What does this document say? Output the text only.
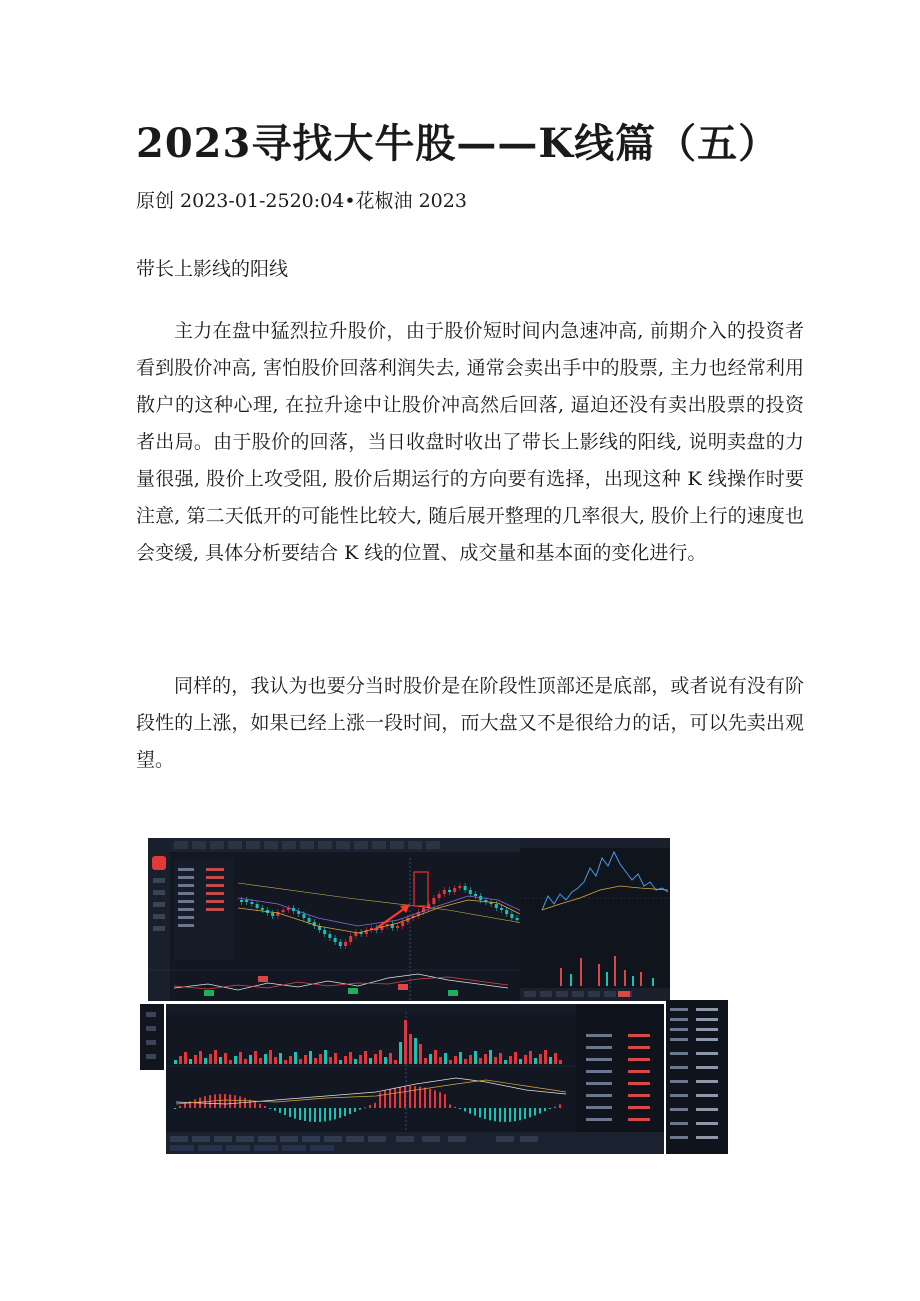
2023寻找大牛股——K线篇（五）
原创 2023-01-2520:04•花椒油 2023
带长上影线的阳线

主力在盘中猛烈拉升股价，由于股价短时间内急速冲高, 前期介入的投资者看到股价冲高, 害怕股价回落利润失去, 通常会卖出手中的股票, 主力也经常利用散户的这种心理, 在拉升途中让股价冲高然后回落, 逼迫还没有卖出股票的投资者出局。由于股价的回落，当日收盘时收出了带长上影线的阳线, 说明卖盘的力量很强, 股价上攻受阻, 股价后期运行的方向要有选择，出现这种 K 线操作时要注意, 第二天低开的可能性比较大, 随后展开整理的几率很大, 股价上行的速度也会变缓, 具体分析要结合 K 线的位置、成交量和基本面的变化进行。

同样的，我认为也要分当时股价是在阶段性顶部还是底部，或者说有没有阶段性的上涨，如果已经上涨一段时间，而大盘又不是很给力的话，可以先卖出观望。
